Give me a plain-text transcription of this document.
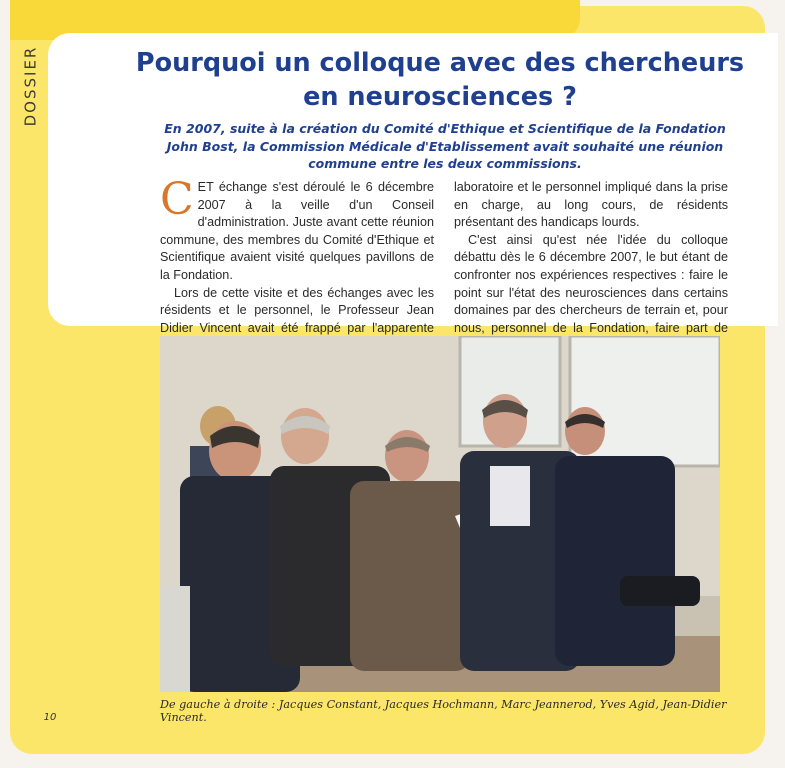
DOSSIER	Pourquoi un colloque avec des chercheurs en neurosciences ?

En 2007, suite à la création du Comité d'Ethique et Scientifique de la Fondation John Bost, la Commission Médicale d'Etablissement avait souhaité une réunion commune entre les deux commissions.

C ET échange s'est déroulé le 6 décembre 2007 à la veille d'un Conseil d'administration. Juste avant cette réunion commune, des membres du Comité d'Ethique et Scientifique avaient visité quelques pavillons de la Fondation.

Lors de cette visite et des échanges avec les résidents et le personnel, le Professeur Jean Didier Vincent avait été frappé par l'apparente

laboratoire et le personnel impliqué dans la prise en charge, au long cours, de résidents présentant des handicaps lourds.

C'est ainsi qu'est née l'idée du colloque débattu dès le 6 décembre 2007, le but étant de confronter nos expériences respectives : faire le point sur l'état des neurosciences dans certains domaines par des chercheurs de terrain et, pour nous, personnel de la Fondation, faire part de

De gauche à droite : Jacques Constant, Jacques Hochmann, Marc Jeannerod, Yves Agid, Jean-Didier Vincent.

10
